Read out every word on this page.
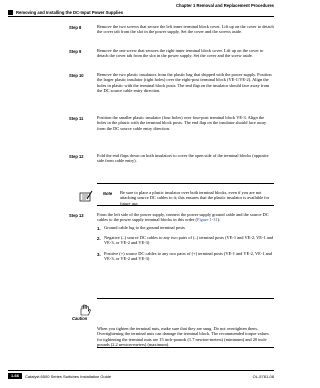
Chapter 1 Removal and Replacement Procedures
Removing and Installing the DC-Input Power Supplies
Step 8	Remove the two screws that secure the left inner terminal block cover. Lift up on the cover to detach the cover tab from the slot in the power supply. Set the cover and the screws aside.
Step 9	Remove the one screw that secures the right inner terminal block cover. Lift up on the cover to detach the cover tab from the slot in the power supply. Set the cover and the screw aside.
Step 10	Remove the two plastic insulators from the plastic bag that shipped with the power supply. Position the larger plastic insulator (right holes) over the eight-post terminal block (VE-1/VE-2). Align the holes in plastic with the terminal block posts. The end flap on the insulator should face away from the DC source cable entry direction.
Step 11	Position the smaller plastic insulator (four holes) over four-post terminal block VE-3. Align the holes in the plastic with the terminal block posts. The end flap on the insulator should face away from the DC source cable entry direction.
Step 12	Fold the end flaps down on both insulators to cover the open side of the terminal blocks (opposite side from cable entry).
Note Be sure to place a plastic insulator over both terminal blocks, even if you are not attaching source DC cables to it; this ensures that the plastic insulator is available for future use.
Step 13	From the left side of the power supply, connect the power supply ground cable and the source DC cables to the power supply terminal blocks in this order (Figure 1-31):
1. Ground cable lug to the ground terminal posts
2. Negative (–) source DC cables to any two pairs of (–) terminal posts (VE-1 and VE-2, VE-1 and VE-3, or VE-2 and VE-3)
3. Positive (+) source DC cables to any two pairs of (+) terminal posts (VE-1 and VE-2, VE-1 and VE-3, or VE-2 and VE-3)
Caution
When you tighten the terminal nuts, make sure that they are snug. Do not overtighten them. Overtightening the terminal nuts can damage the terminal block. The recommended torque values for tightening the terminal nuts are 15 inch-pounds (1.7 newton-meters) (minimum) and 20 inch-pounds (2.2 newton-meters) (maximum).
1-66	Catalyst 6500 Series Switches Installation Guide	OL-5781-08
